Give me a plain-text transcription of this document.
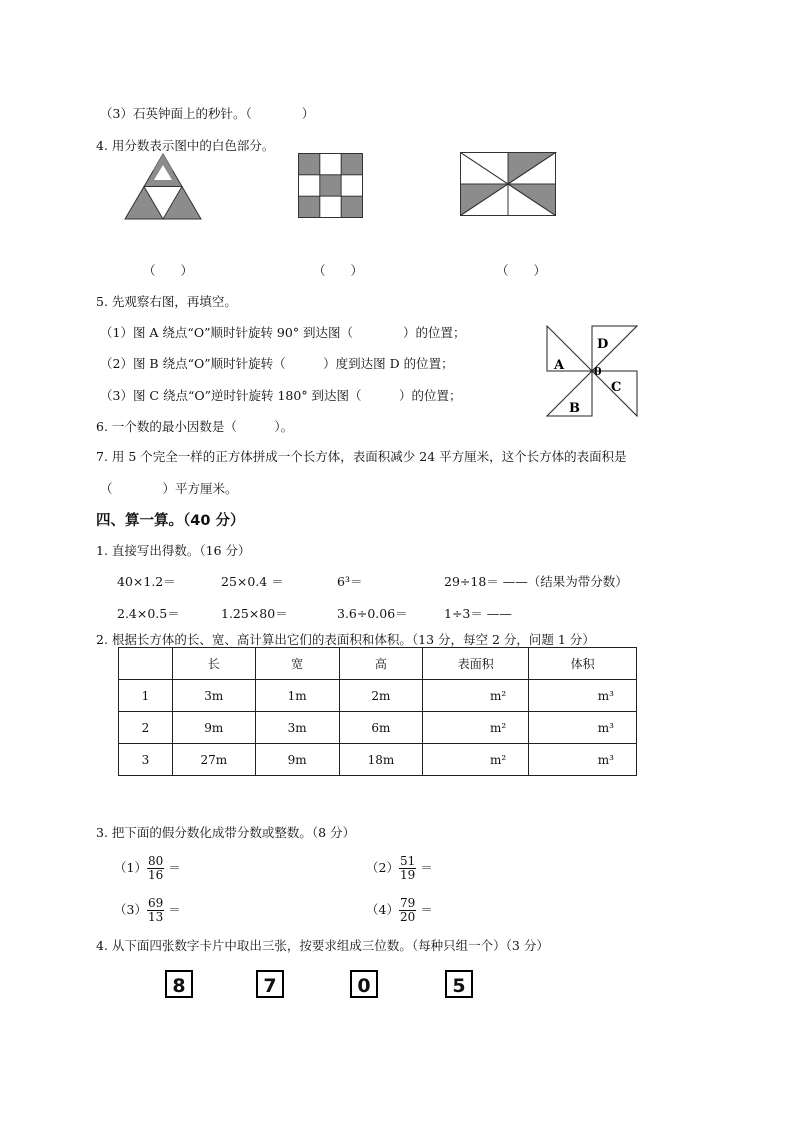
（3）石英钟面上的秒针。（　　　　）
4. 用分数表示图中的白色部分。
（　　）	（　　）	（　　）
5. 先观察右图，再填空。
（1）图 A 绕点“O”顺时针旋转 90° 到达图（　　　　）的位置；
（2）图 B 绕点“O”顺时针旋转（　　　）度到达图 D 的位置；
（3）图 C 绕点“O”逆时针旋转 180° 到达图（　　　）的位置；
D
A
C
B
0
6. 一个数的最小因数是（　　　）。
7. 用 5 个完全一样的正方体拼成一个长方体，表面积减少 24 平方厘米，这个长方体的表面积是
（　　　　）平方厘米。
四、算一算。（40 分）
1. 直接写出得数。（16 分）
40×1.2＝	25×0.4 ＝	6³＝	29÷18＝ ——（结果为带分数）
2.4×0.5＝	1.25×80＝	3.6÷0.06＝	1÷3＝ ——
2. 根据长方体的长、宽、高计算出它们的表面积和体积。（13 分，每空 2 分，问题 1 分）
	长	宽	高	表面积	体积
1	3m	1m	2m	m²	m³
2	9m	3m	6m	m²	m³
3	27m	9m	18m	m²	m³
3. 把下面的假分数化成带分数或整数。（8 分）
$(1) \frac{80}{16}$ ＝	$(2) \frac{51}{19}$ ＝
$(3) \frac{69}{13}$ ＝	$(4) \frac{79}{20}$ ＝
4. 从下面四张数字卡片中取出三张，按要求组成三位数。（每种只组一个）（3 分）
8	7	0	5
